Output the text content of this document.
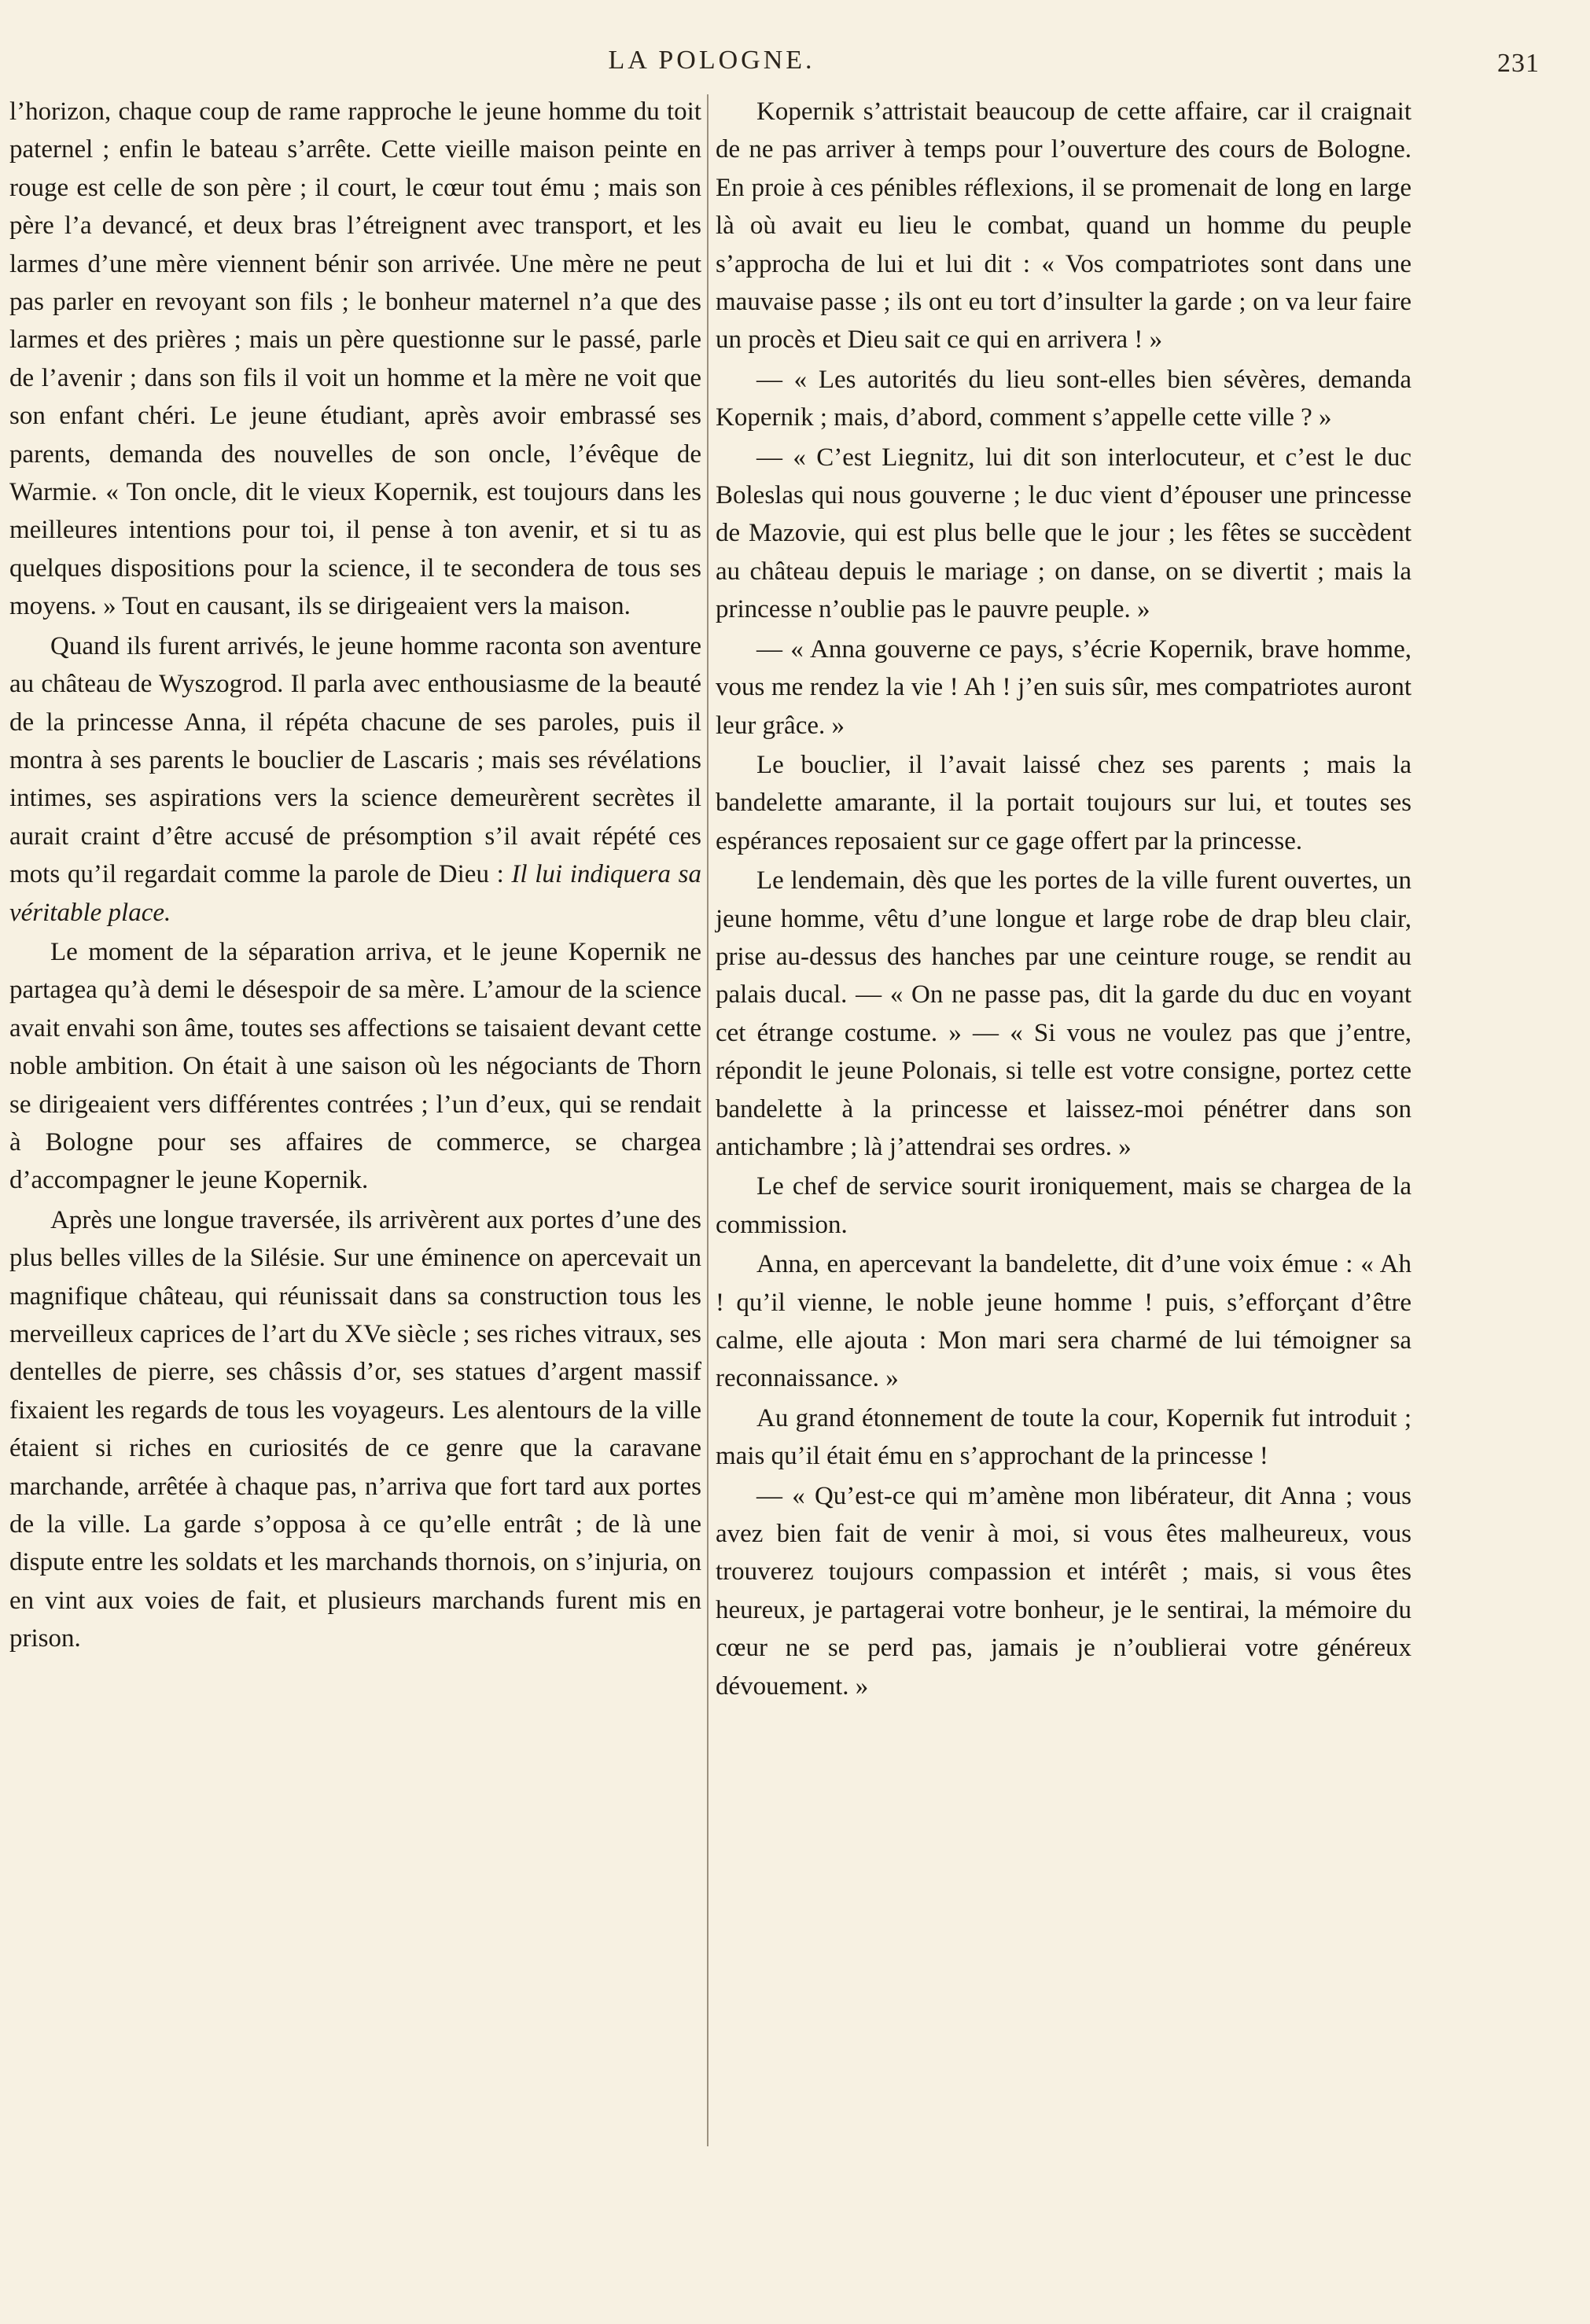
LA POLOGNE.	231

l’horizon, chaque coup de rame rapproche le jeune homme du toit paternel ; enfin le bateau s’arrête. Cette vieille maison peinte en rouge est celle de son père ; il court, le cœur tout ému ; mais son père l’a devancé, et deux bras l’étreignent avec transport, et les larmes d’une mère viennent bénir son arrivée. Une mère ne peut pas parler en revoyant son fils ; le bonheur maternel n’a que des larmes et des prières ; mais un père questionne sur le passé, parle de l’avenir ; dans son fils il voit un homme et la mère ne voit que son enfant chéri. Le jeune étudiant, après avoir embrassé ses parents, demanda des nouvelles de son oncle, l’évêque de Warmie. « Ton oncle, dit le vieux Kopernik, est toujours dans les meilleures intentions pour toi, il pense à ton avenir, et si tu as quelques dispositions pour la science, il te secondera de tous ses moyens. » Tout en causant, ils se dirigeaient vers la maison.

Quand ils furent arrivés, le jeune homme raconta son aventure au château de Wyszogrod. Il parla avec enthousiasme de la beauté de la princesse Anna, il répéta chacune de ses paroles, puis il montra à ses parents le bouclier de Lascaris ; mais ses révélations intimes, ses aspirations vers la science demeurèrent secrètes il aurait craint d’être accusé de présomption s’il avait répété ces mots qu’il regardait comme la parole de Dieu : Il lui indiquera sa véritable place.

Le moment de la séparation arriva, et le jeune Kopernik ne partagea qu’à demi le désespoir de sa mère. L’amour de la science avait envahi son âme, toutes ses affections se taisaient devant cette noble ambition. On était à une saison où les négociants de Thorn se dirigeaient vers différentes contrées ; l’un d’eux, qui se rendait à Bologne pour ses affaires de commerce, se chargea d’accompagner le jeune Kopernik.

Après une longue traversée, ils arrivèrent aux portes d’une des plus belles villes de la Silésie. Sur une éminence on apercevait un magnifique château, qui réunissait dans sa construction tous les merveilleux caprices de l’art du XVe siècle ; ses riches vitraux, ses dentelles de pierre, ses châssis d’or, ses statues d’argent massif fixaient les regards de tous les voyageurs. Les alentours de la ville étaient si riches en curiosités de ce genre que la caravane marchande, arrêtée à chaque pas, n’arriva que fort tard aux portes de la ville. La garde s’opposa à ce qu’elle entrât ; de là une dispute entre les soldats et les marchands thornois, on s’injuria, on en vint aux voies de fait, et plusieurs marchands furent mis en prison.

Kopernik s’attristait beaucoup de cette affaire, car il craignait de ne pas arriver à temps pour l’ouverture des cours de Bologne. En proie à ces pénibles réflexions, il se promenait de long en large là où avait eu lieu le combat, quand un homme du peuple s’approcha de lui et lui dit : « Vos compatriotes sont dans une mauvaise passe ; ils ont eu tort d’insulter la garde ; on va leur faire un procès et Dieu sait ce qui en arrivera ! »

— « Les autorités du lieu sont-elles bien sévères, demanda Kopernik ; mais, d’abord, comment s’appelle cette ville ? »

— « C’est Liegnitz, lui dit son interlocuteur, et c’est le duc Boleslas qui nous gouverne ; le duc vient d’épouser une princesse de Mazovie, qui est plus belle que le jour ; les fêtes se succèdent au château depuis le mariage ; on danse, on se divertit ; mais la princesse n’oublie pas le pauvre peuple. »

— « Anna gouverne ce pays, s’écrie Kopernik, brave homme, vous me rendez la vie ! Ah ! j’en suis sûr, mes compatriotes auront leur grâce. »

Le bouclier, il l’avait laissé chez ses parents ; mais la bandelette amarante, il la portait toujours sur lui, et toutes ses espérances reposaient sur ce gage offert par la princesse.

Le lendemain, dès que les portes de la ville furent ouvertes, un jeune homme, vêtu d’une longue et large robe de drap bleu clair, prise au-dessus des hanches par une ceinture rouge, se rendit au palais ducal. — « On ne passe pas, dit la garde du duc en voyant cet étrange costume. » — « Si vous ne voulez pas que j’entre, répondit le jeune Polonais, si telle est votre consigne, portez cette bandelette à la princesse et laissez-moi pénétrer dans son antichambre ; là j’attendrai ses ordres. »

Le chef de service sourit ironiquement, mais se chargea de la commission.

Anna, en apercevant la bandelette, dit d’une voix émue : « Ah ! qu’il vienne, le noble jeune homme ! puis, s’efforçant d’être calme, elle ajouta : Mon mari sera charmé de lui témoigner sa reconnaissance. »

Au grand étonnement de toute la cour, Kopernik fut introduit ; mais qu’il était ému en s’approchant de la princesse !

— « Qu’est-ce qui m’amène mon libérateur, dit Anna ; vous avez bien fait de venir à moi, si vous êtes malheureux, vous trouverez toujours compassion et intérêt ; mais, si vous êtes heureux, je partagerai votre bonheur, je le sentirai, la mémoire du cœur ne se perd pas, jamais je n’oublierai votre généreux dévouement. »
